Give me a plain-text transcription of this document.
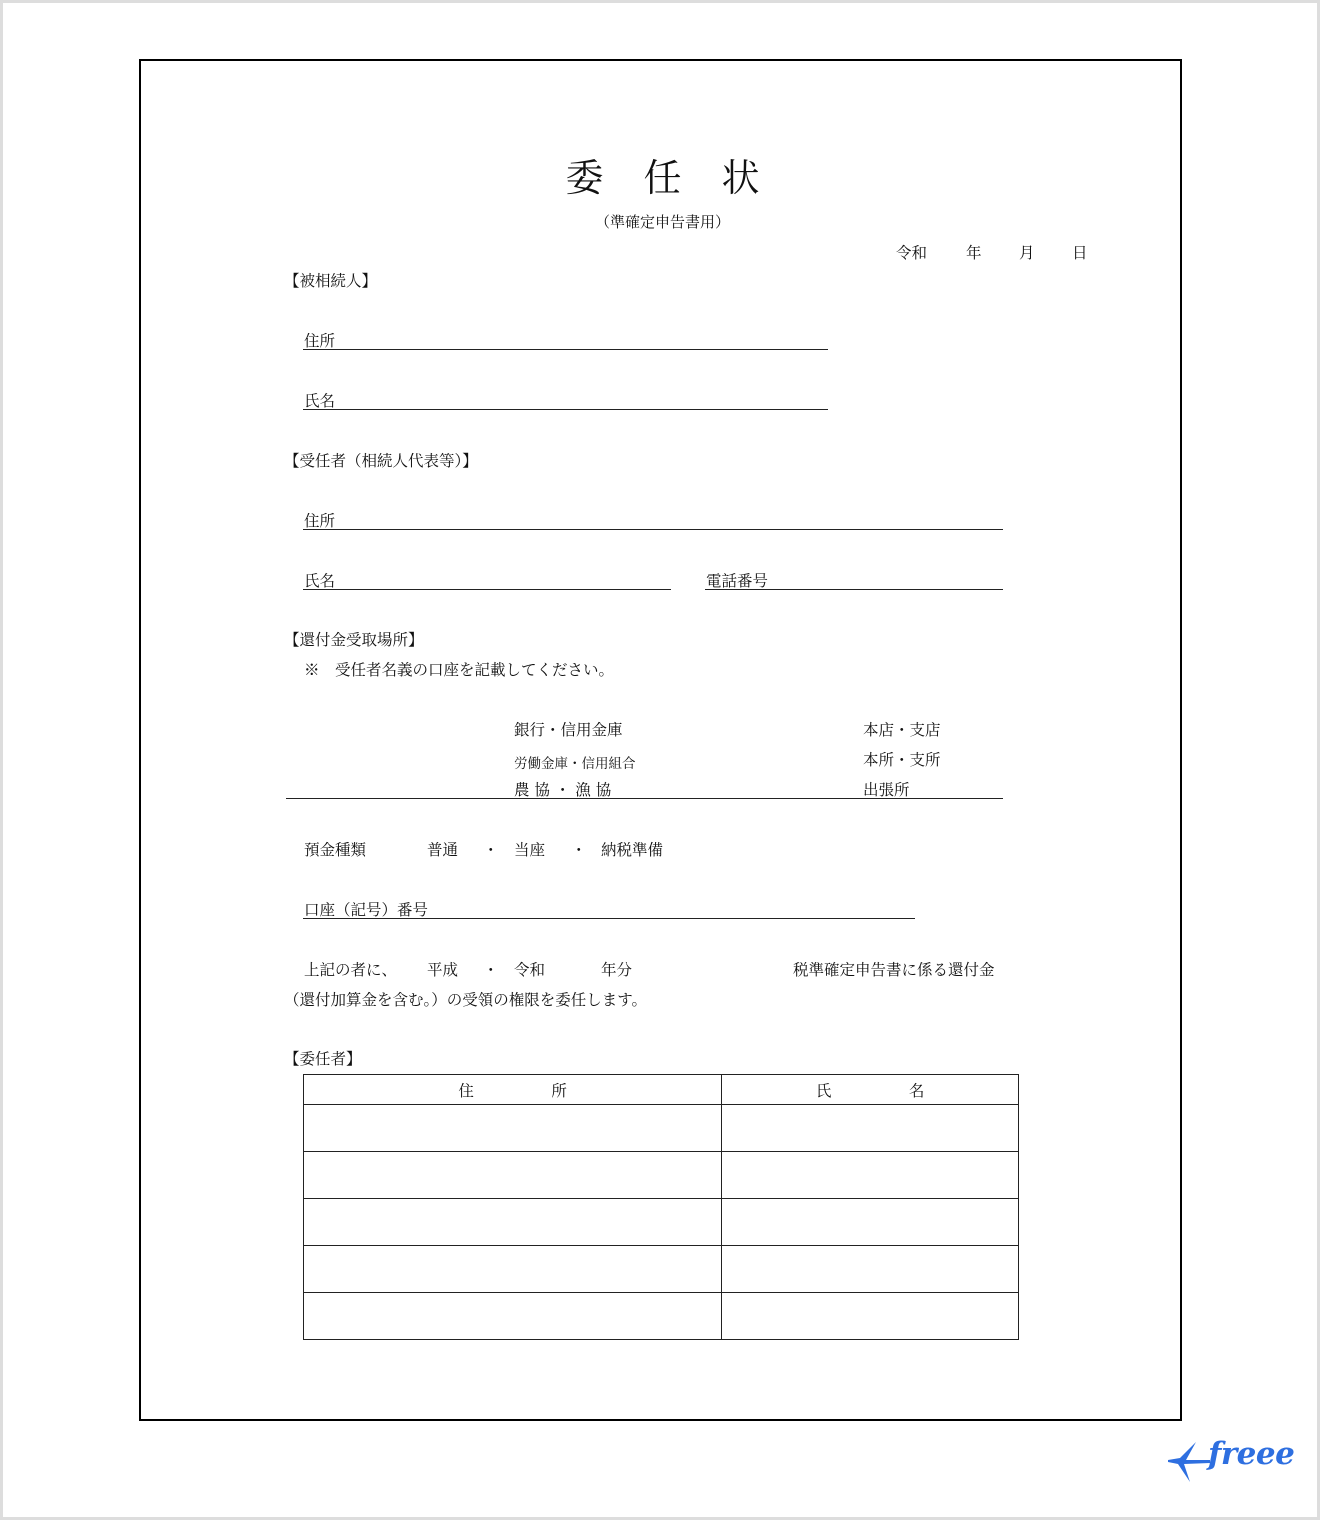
委任状
（準確定申告書用）
令和	年 月 日
【被相続人】
住所
氏名
【受任者（相続人代表等）】
住所
氏名	電話番号
【還付金受取場所】
※　受任者名義の口座を記載してください。
銀行・信用金庫
労働金庫・信用組合
農 協 ・ 漁 協
本店・支店
本所・支所
出張所
預金種類	普通 ・ 当座 ・ 納税準備
口座（記号）番号
上記の者に、 平成 ・ 令和	年分	税準確定申告書に係る還付金
（還付加算金を含む。）の受領の権限を委任します。
【委任者】
住　　　　　所	氏　　　　　名

freee
